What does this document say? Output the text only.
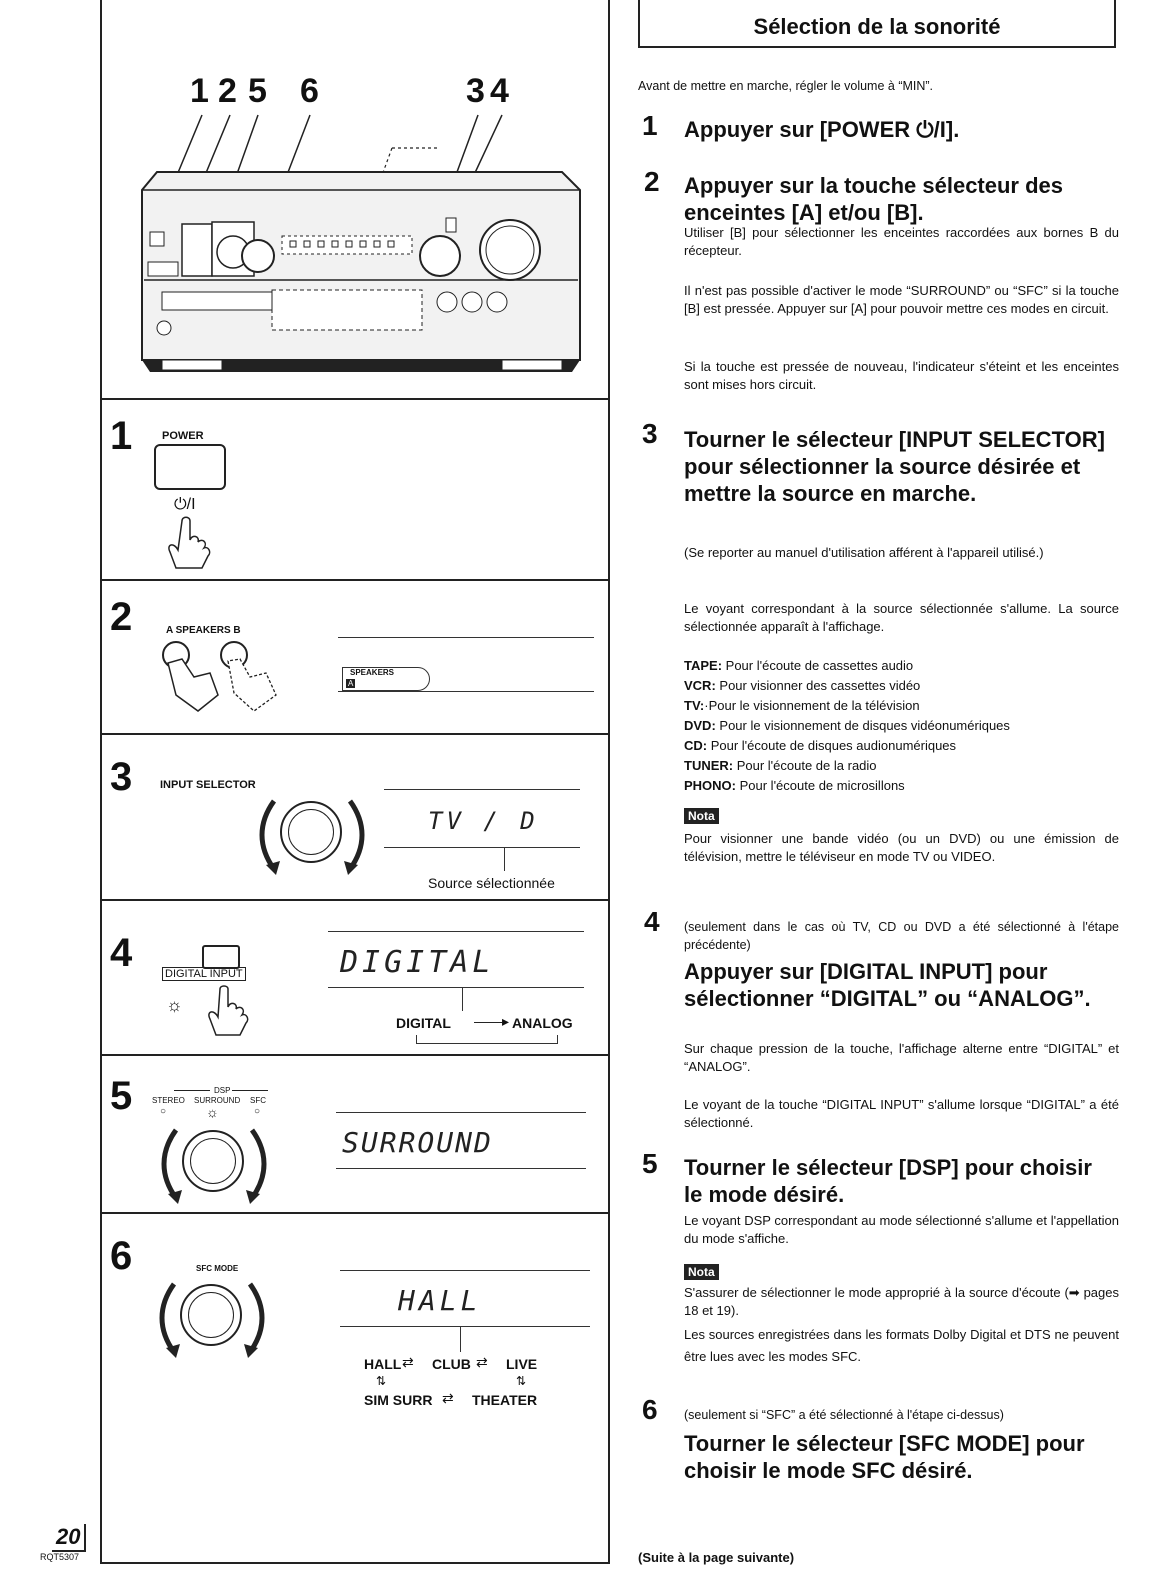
1 2 5 6	3 4
1	POWER
⏻/I
2	A SPEAKERS B
SPEAKERS
A
3	INPUT SELECTOR
TV / D
Source sélectionnée
4	DIGITAL INPUT
☼
DIGITAL
DIGITAL ——▸ ANALOG
5	DSP
STEREO SURROUND SFC
○	☼	○
SURROUND
6	SFC MODE
HALL
HALL ⇄ CLUB ⇄ LIVE
⇅	⇅
SIM SURR ⇄ THEATER
20
RQT5307
Sélection de la sonorité
Avant de mettre en marche, régler le volume à “MIN”.
1 Appuyer sur [POWER ⏻/I].
2 Appuyer sur la touche sélecteur des enceintes [A] et/ou [B].

Utiliser [B] pour sélectionner les enceintes raccordées aux bornes B du récepteur.

Il n'est pas possible d'activer le mode “SURROUND” ou “SFC” si la touche [B] est pressée. Appuyer sur [A] pour pouvoir mettre ces modes en circuit.

Si la touche est pressée de nouveau, l'indicateur s'éteint et les enceintes sont mises hors circuit.

3 Tourner le sélecteur [INPUT SELECTOR] pour sélectionner la source désirée et mettre la source en marche.

(Se reporter au manuel d'utilisation afférent à l'appareil utilisé.)

Le voyant correspondant à la source sélectionnée s'allume. La source sélectionnée apparaît à l'affichage.

TAPE: Pour l'écoute de cassettes audio
VCR: Pour visionner des cassettes vidéo
TV:·Pour le visionnement de la télévision
DVD: Pour le visionnement de disques vidéonumériques
CD: Pour l'écoute de disques audionumériques
TUNER: Pour l'écoute de la radio
PHONO: Pour l'écoute de microsillons
Nota

Pour visionner une bande vidéo (ou un DVD) ou une émission de télévision, mettre le téléviseur en mode TV ou VIDEO.

4 (seulement dans le cas où TV, CD ou DVD a été sélectionné à l'étape précédente)

Appuyer sur [DIGITAL INPUT] pour sélectionner “DIGITAL” ou “ANALOG”.

Sur chaque pression de la touche, l'affichage alterne entre “DIGITAL” et “ANALOG”.

Le voyant de la touche “DIGITAL INPUT” s'allume lorsque “DIGITAL” a été sélectionné.

5 Tourner le sélecteur [DSP] pour choisir le mode désiré.

Le voyant DSP correspondant au mode sélectionné s'allume et l'appellation du mode s'affiche.

Nota

S'assurer de sélectionner le mode approprié à la source d'écoute (➡ pages 18 et 19).

Les sources enregistrées dans les formats Dolby Digital et DTS ne peuvent être lues avec les modes SFC.

6 (seulement si “SFC” a été sélectionné à l'étape ci-dessus)

Tourner le sélecteur [SFC MODE] pour choisir le mode SFC désiré.
(Suite à la page suivante)
